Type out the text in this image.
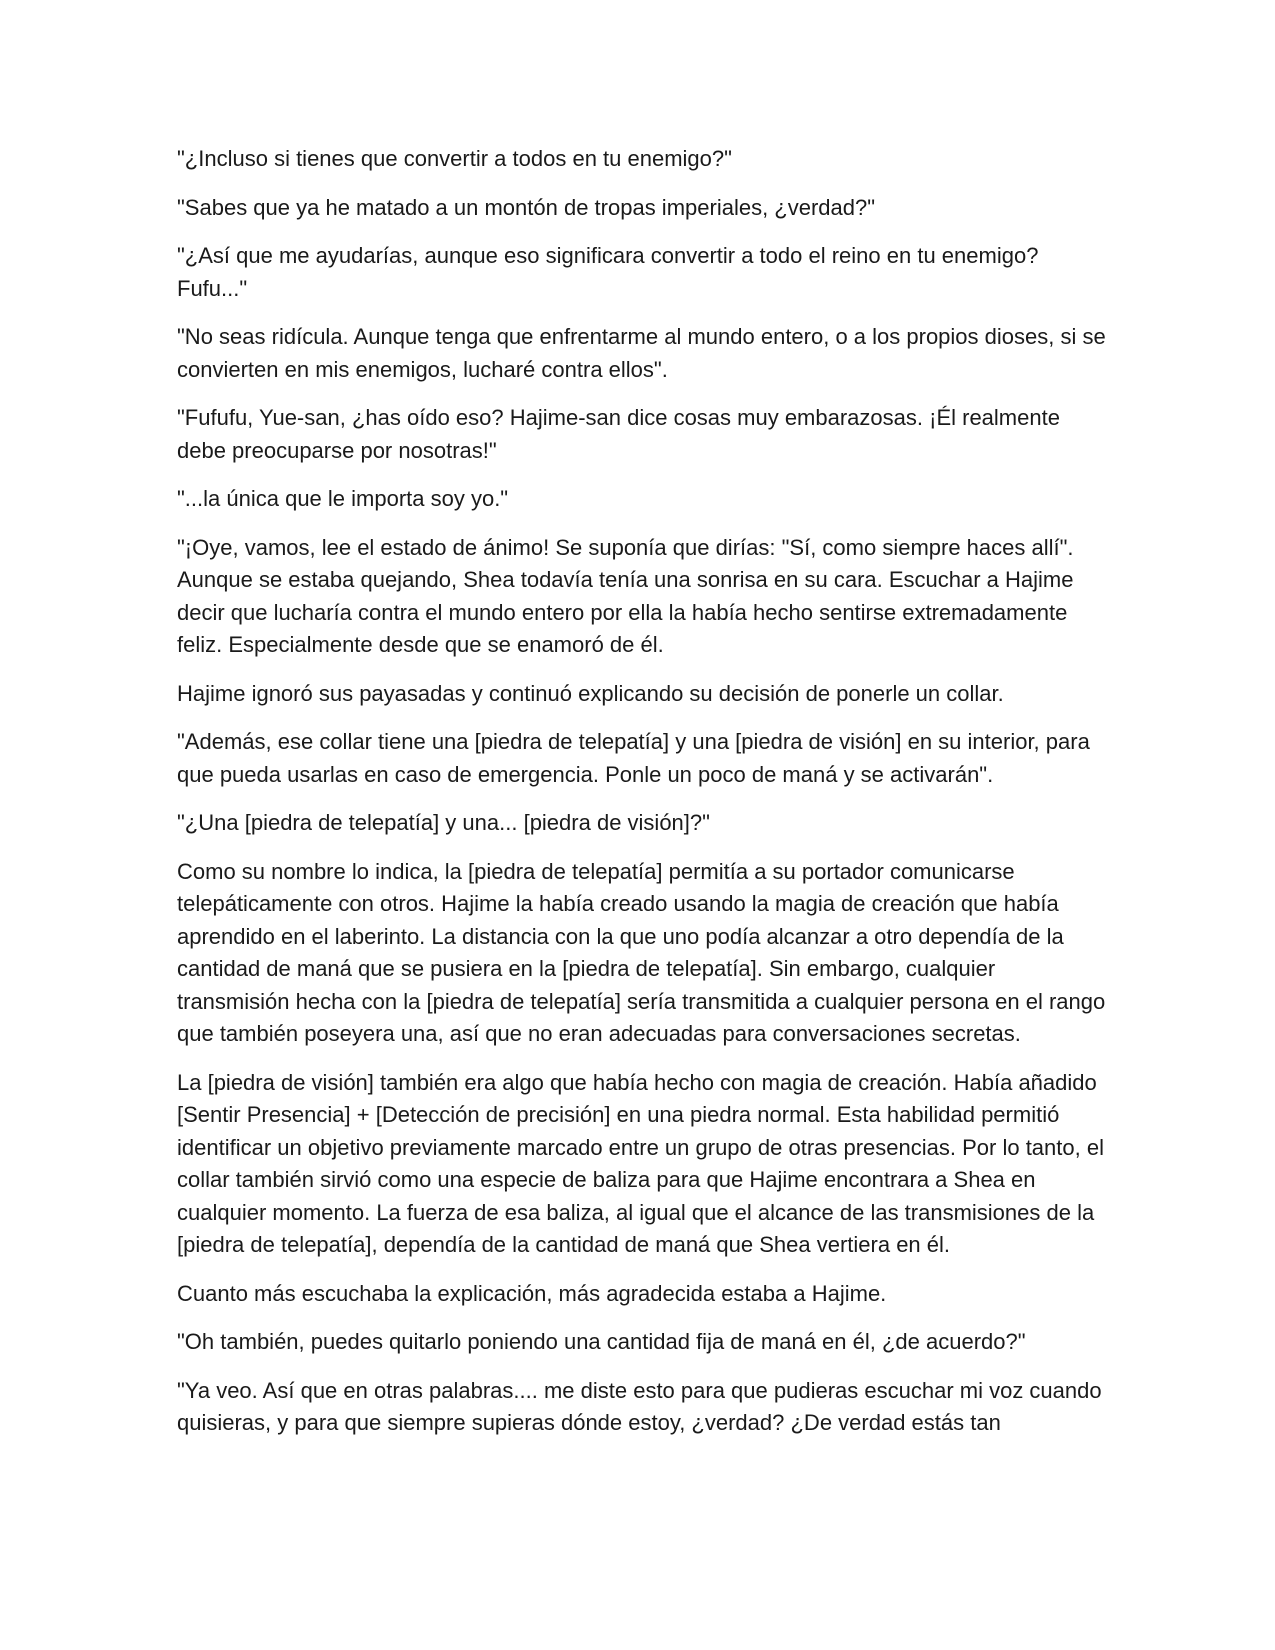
"¿Incluso si tienes que convertir a todos en tu enemigo?"

"Sabes que ya he matado a un montón de tropas imperiales, ¿verdad?"

"¿Así que me ayudarías, aunque eso significara convertir a todo el reino en tu enemigo? Fufu..."

"No seas ridícula. Aunque tenga que enfrentarme al mundo entero, o a los propios dioses, si se convierten en mis enemigos, lucharé contra ellos".

"Fufufu, Yue-san, ¿has oído eso? Hajime-san dice cosas muy embarazosas. ¡Él realmente debe preocuparse por nosotras!"

"...la única que le importa soy yo."

"¡Oye, vamos, lee el estado de ánimo! Se suponía que dirías: "Sí, como siempre haces allí". Aunque se estaba quejando, Shea todavía tenía una sonrisa en su cara. Escuchar a Hajime decir que lucharía contra el mundo entero por ella la había hecho sentirse extremadamente feliz. Especialmente desde que se enamoró de él.

Hajime ignoró sus payasadas y continuó explicando su decisión de ponerle un collar.

"Además, ese collar tiene una [piedra de telepatía] y una [piedra de visión] en su interior, para que pueda usarlas en caso de emergencia. Ponle un poco de maná y se activarán".

"¿Una [piedra de telepatía] y una... [piedra de visión]?"

Como su nombre lo indica, la [piedra de telepatía] permitía a su portador comunicarse telepáticamente con otros. Hajime la había creado usando la magia de creación que había aprendido en el laberinto. La distancia con la que uno podía alcanzar a otro dependía de la cantidad de maná que se pusiera en la [piedra de telepatía]. Sin embargo, cualquier transmisión hecha con la [piedra de telepatía] sería transmitida a cualquier persona en el rango que también poseyera una, así que no eran adecuadas para conversaciones secretas.

La [piedra de visión] también era algo que había hecho con magia de creación. Había añadido [Sentir Presencia] + [Detección de precisión] en una piedra normal. Esta habilidad permitió identificar un objetivo previamente marcado entre un grupo de otras presencias. Por lo tanto, el collar también sirvió como una especie de baliza para que Hajime encontrara a Shea en cualquier momento. La fuerza de esa baliza, al igual que el alcance de las transmisiones de la [piedra de telepatía], dependía de la cantidad de maná que Shea vertiera en él.

Cuanto más escuchaba la explicación, más agradecida estaba a Hajime.

"Oh también, puedes quitarlo poniendo una cantidad fija de maná en él, ¿de acuerdo?"

"Ya veo. Así que en otras palabras.... me diste esto para que pudieras escuchar mi voz cuando quisieras, y para que siempre supieras dónde estoy, ¿verdad? ¿De verdad estás tan
